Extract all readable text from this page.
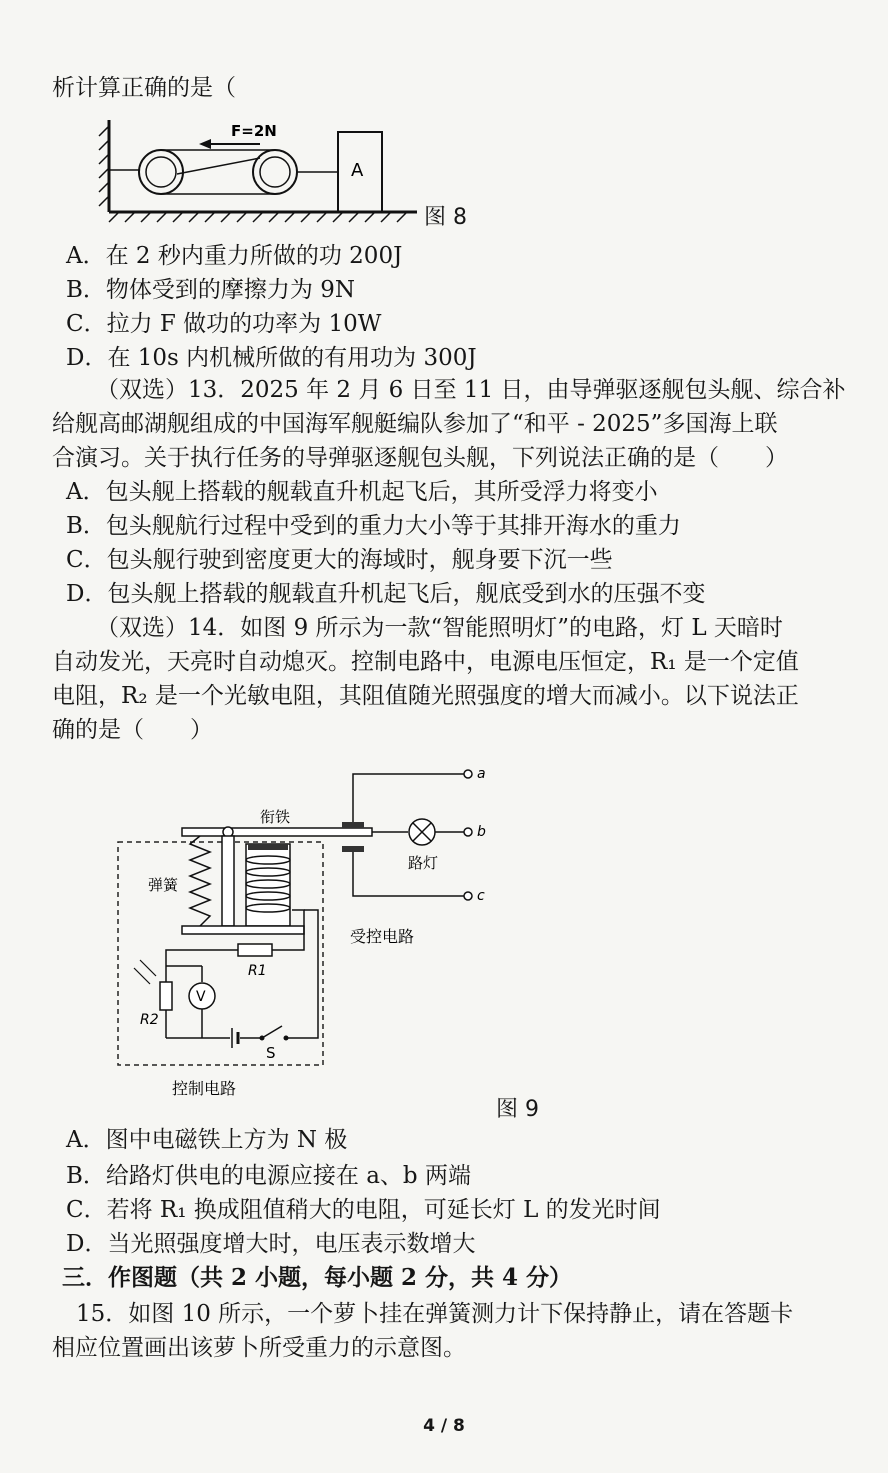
析计算正确的是（
A
F=2N
图 8
A．在 2 秒内重力所做的功 200J
B．物体受到的摩擦力为 9N
C．拉力 F 做功的功率为 10W
D．在 10s 内机械所做的有用功为 300J
（双选）13．2025 年 2 月 6 日至 11 日，由导弹驱逐舰包头舰、综合补
给舰高邮湖舰组成的中国海军舰艇编队参加了“和平 - 2025”多国海上联
合演习。关于执行任务的导弹驱逐舰包头舰，下列说法正确的是（　　）
A．包头舰上搭载的舰载直升机起飞后，其所受浮力将变小
B．包头舰航行过程中受到的重力大小等于其排开海水的重力
C．包头舰行驶到密度更大的海域时，舰身要下沉一些
D．包头舰上搭载的舰载直升机起飞后，舰底受到水的压强不变
（双选）14．如图 9 所示为一款“智能照明灯”的电路，灯 L 天暗时
自动发光，天亮时自动熄灭。控制电路中，电源电压恒定，R₁ 是一个定值
电阻，R₂ 是一个光敏电阻，其阻值随光照强度的增大而减小。以下说法正
确的是（　　）
衔铁
弹簧
R1
R2
V
S
a
b
路灯
c
受控电路
控制电路
图 9
A．图中电磁铁上方为 N 极
B．给路灯供电的电源应接在 a、b 两端
C．若将 R₁ 换成阻值稍大的电阻，可延长灯 L 的发光时间
D．当光照强度增大时，电压表示数增大
三．作图题（共 2 小题，每小题 2 分，共 4 分）
15．如图 10 所示，一个萝卜挂在弹簧测力计下保持静止，请在答题卡
相应位置画出该萝卜所受重力的示意图。
4 / 8
